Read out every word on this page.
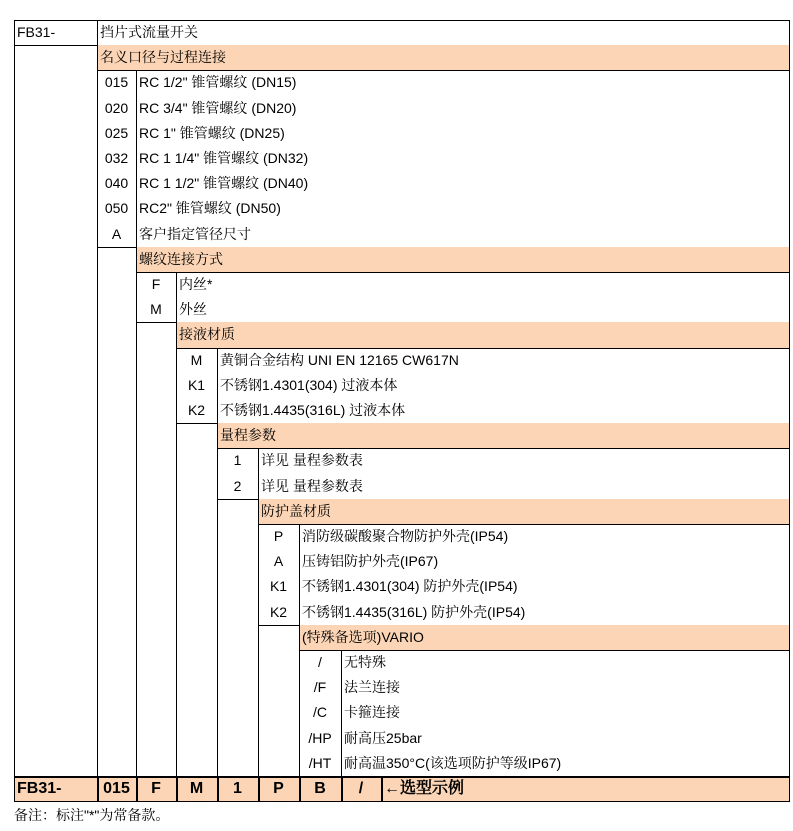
FB31-	挡片式流量开关
名义口径与过程连接
015 RC 1/2" 锥管螺纹 (DN15)
020 RC 3/4" 锥管螺纹 (DN20)
025 RC 1" 锥管螺纹 (DN25)
032 RC 1 1/4" 锥管螺纹 (DN32)
040 RC 1 1/2" 锥管螺纹 (DN40)
050 RC2" 锥管螺纹 (DN50)
A	客户指定管径尺寸
螺纹连接方式
F	内丝*
M	外丝
接液材质
M	黄铜合金结构 UNI EN 12165 CW617N
K1	不锈钢1.4301(304) 过液本体
K2	不锈钢1.4435(316L) 过液本体
量程参数
1	详见 量程参数表
2	详见 量程参数表
防护盖材质
P	消防级碳酸聚合物防护外壳(IP54)
A	压铸铝防护外壳(IP67)
K1	不锈钢1.4301(304) 防护外壳(IP54)
K2	不锈钢1.4435(316L) 防护外壳(IP54)
(特殊备选项)VARIO
/	无特殊
/F	法兰连接
/C	卡箍连接
/HP 耐高压25bar
/HT 耐高温350°C(该选项防护等级IP67)
FB31-	015	F	M	1	P	B	/	←选型示例
备注：标注"*"为常备款。
